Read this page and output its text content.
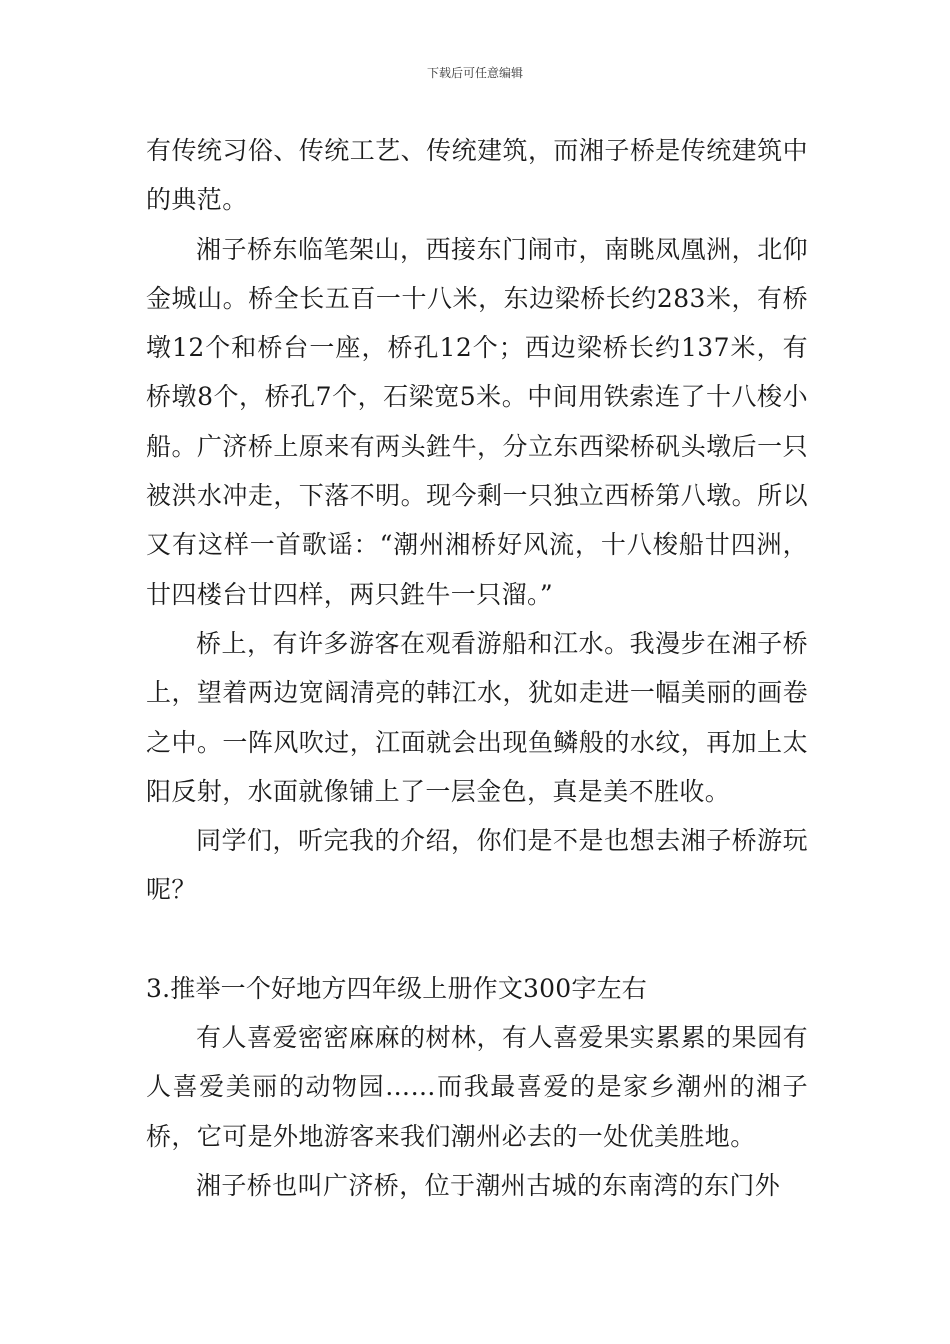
下载后可任意编辑

有传统习俗、传统工艺、传统建筑，而湘子桥是传统建筑中的典范。

湘子桥东临笔架山，西接东门闹市，南眺凤凰洲，北仰金城山。桥全长五百一十八米，东边梁桥长约283米，有桥墩12个和桥台一座，桥孔12个；西边梁桥长约137米，有桥墩8个，桥孔7个，石梁宽5米。中间用铁索连了十八梭小船。广济桥上原来有两头鉎牛，分立东西梁桥矾头墩后一只被洪水冲走，下落不明。现今剩一只独立西桥第八墩。所以又有这样一首歌谣：“潮州湘桥好风流，十八梭船廿四洲，廿四楼台廿四样，两只鉎牛一只溜。”

桥上，有许多游客在观看游船和江水。我漫步在湘子桥上，望着两边宽阔清亮的韩江水，犹如走进一幅美丽的画卷之中。一阵风吹过，江面就会出现鱼鳞般的水纹，再加上太阳反射，水面就像铺上了一层金色，真是美不胜收。

同学们，听完我的介绍，你们是不是也想去湘子桥游玩呢？

3.推举一个好地方四年级上册作文300字左右

有人喜爱密密麻麻的树林，有人喜爱果实累累的果园有人喜爱美丽的动物园……而我最喜爱的是家乡潮州的湘子桥，它可是外地游客来我们潮州必去的一处优美胜地。

湘子桥也叫广济桥，位于潮州古城的东南湾的东门外
